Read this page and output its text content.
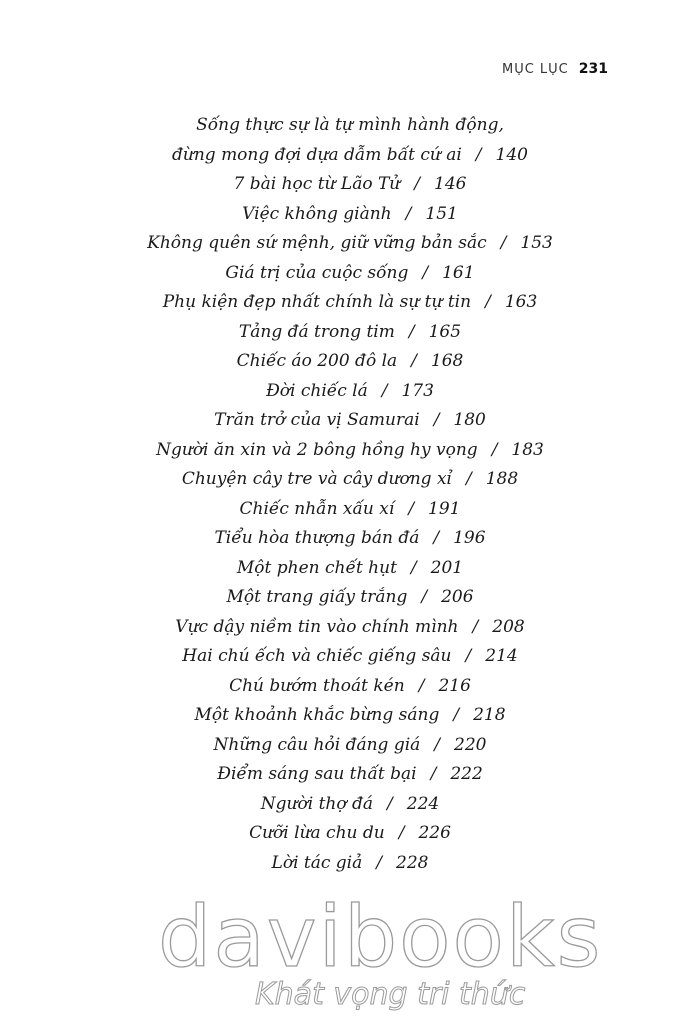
MỤC LỤC 231
Sống thực sự là tự mình hành động,
đừng mong đợi dựa dẫm bất cứ ai / 140
7 bài học từ Lão Tử / 146
Việc không giành / 151
Không quên sứ mệnh, giữ vững bản sắc / 153
Giá trị của cuộc sống / 161
Phụ kiện đẹp nhất chính là sự tự tin / 163
Tảng đá trong tim / 165
Chiếc áo 200 đô la / 168
Đời chiếc lá / 173
Trăn trở của vị Samurai / 180
Người ăn xin và 2 bông hồng hy vọng / 183
Chuyện cây tre và cây dương xỉ / 188
Chiếc nhẫn xấu xí / 191
Tiểu hòa thượng bán đá / 196
Một phen chết hụt / 201
Một trang giấy trắng / 206
Vực dậy niềm tin vào chính mình / 208
Hai chú ếch và chiếc giếng sâu / 214
Chú bướm thoát kén / 216
Một khoảnh khắc bừng sáng / 218
Những câu hỏi đáng giá / 220
Điểm sáng sau thất bại / 222
Người thợ đá / 224
Cưỡi lừa chu du / 226
Lời tác giả / 228
davibooks
Khát vọng tri thức
